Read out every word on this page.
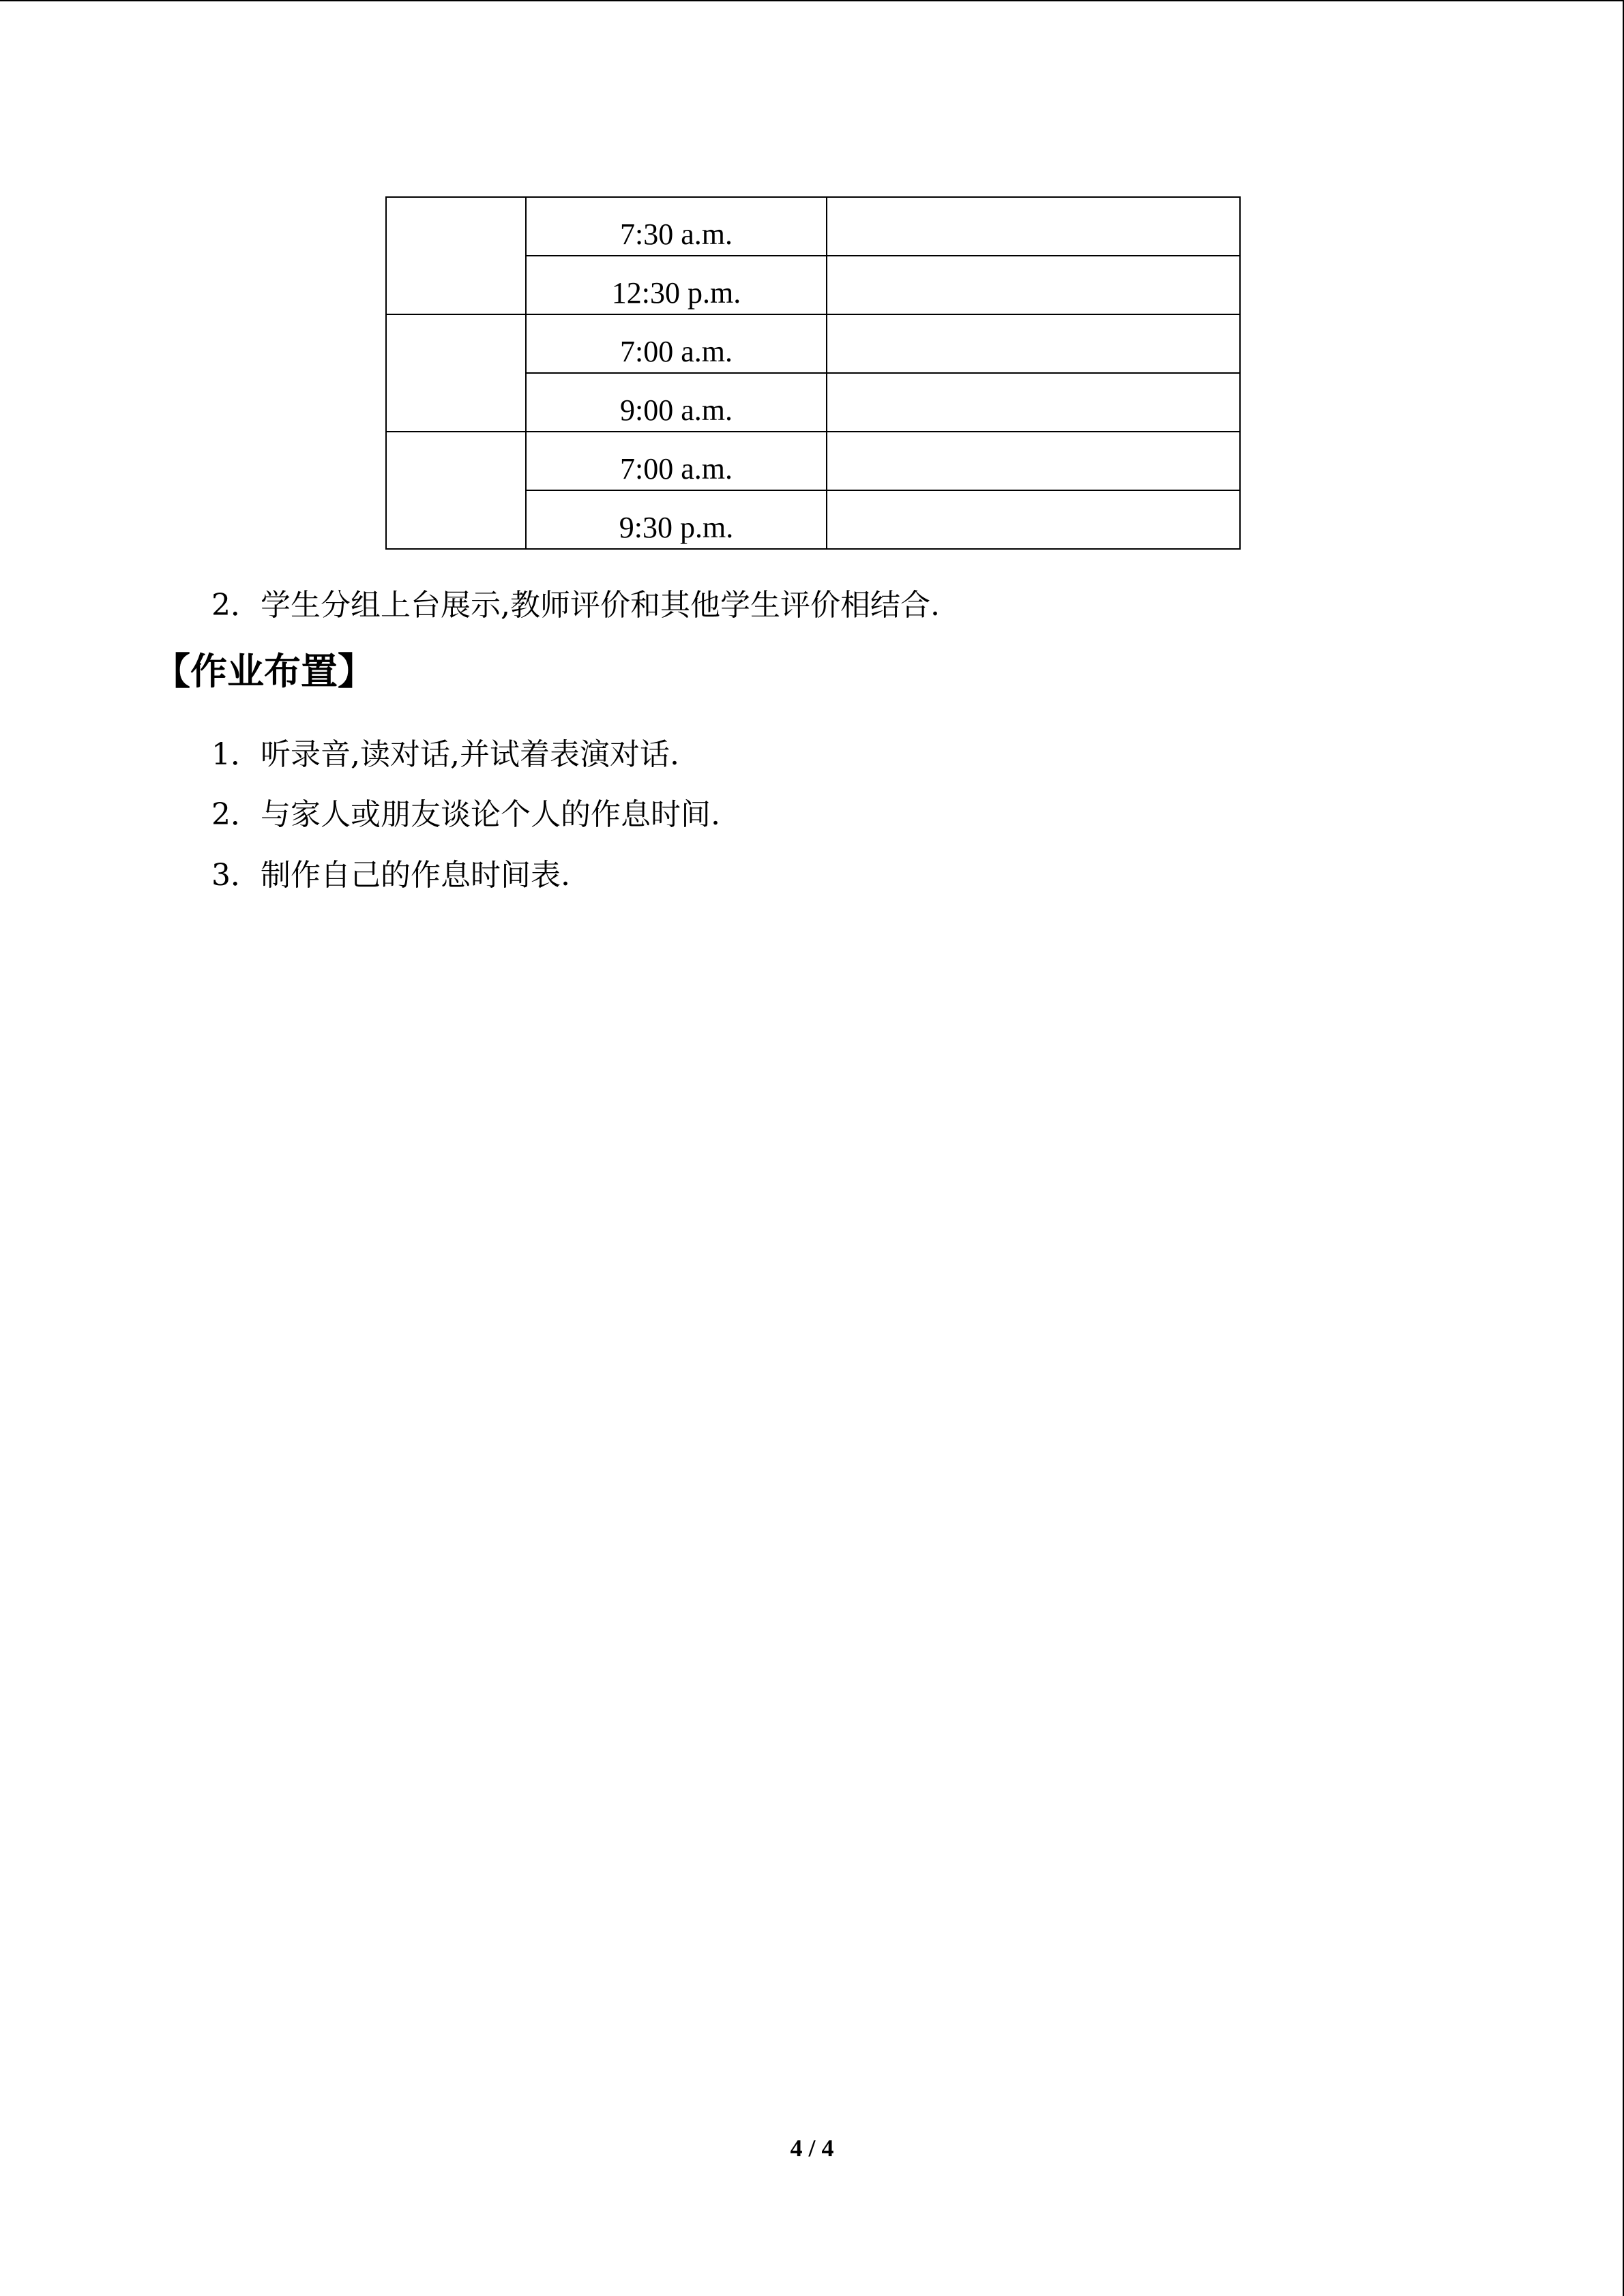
	7:30 a.m.	
	12:30 p.m.	
	7:00 a.m.	
	9:00 a.m.	
	7:00 a.m.	
	9:30 p.m.	
2．学生分组上台展示,教师评价和其他学生评价相结合.
【作业布置】
1．听录音,读对话,并试着表演对话.
2．与家人或朋友谈论个人的作息时间.
3．制作自己的作息时间表.
4 / 4
